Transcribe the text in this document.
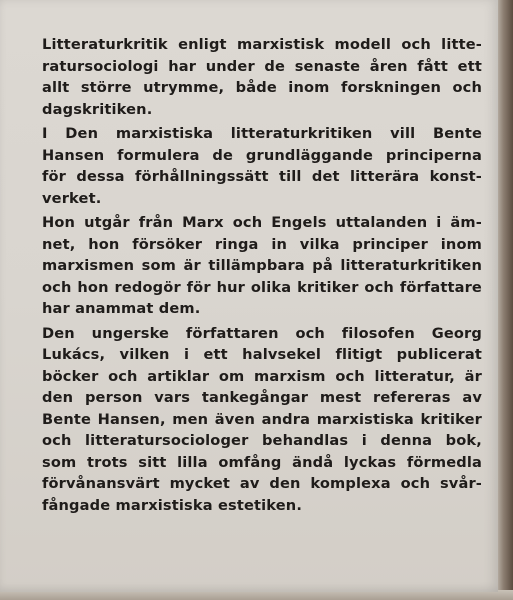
Litteraturkritik enligt marxistisk modell och litte-
ratursociologi har under de senaste åren fått ett
allt större utrymme, både inom forskningen och
dagskritiken.
I Den marxistiska litteraturkritiken vill Bente
Hansen formulera de grundläggande principerna
för dessa förhållningssätt till det litterära konst-
verket.
Hon utgår från Marx och Engels uttalanden i äm-
net, hon försöker ringa in vilka principer inom
marxismen som är tillämpbara på litteraturkritiken
och hon redogör för hur olika kritiker och författare
har anammat dem.
Den ungerske författaren och filosofen Georg
Lukács, vilken i ett halvsekel flitigt publicerat
böcker och artiklar om marxism och litteratur, är
den person vars tankegångar mest refereras av
Bente Hansen, men även andra marxistiska kritiker
och litteratursociologer behandlas i denna bok,
som trots sitt lilla omfång ändå lyckas förmedla
förvånansvärt mycket av den komplexa och svår-
fångade marxistiska estetiken.
